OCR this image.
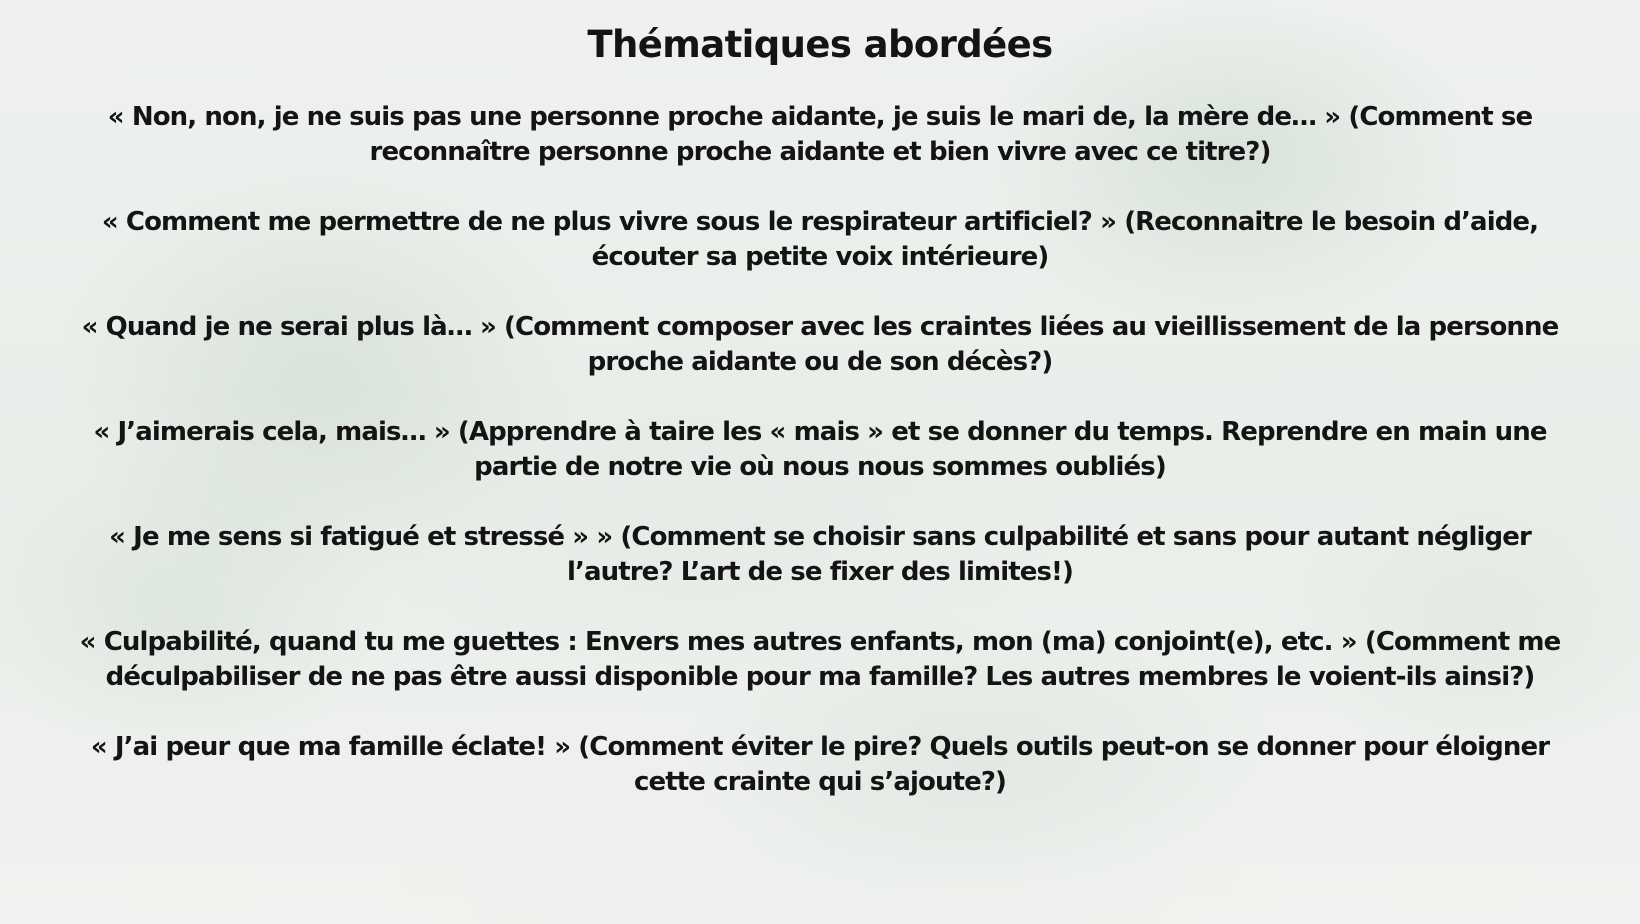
Thématiques abordées
« Non, non, je ne suis pas une personne proche aidante, je suis le mari de, la mère de… » (Comment se
reconnaître personne proche aidante et bien vivre avec ce titre?)
« Comment me permettre de ne plus vivre sous le respirateur artificiel? » (Reconnaitre le besoin d’aide,
écouter sa petite voix intérieure)
« Quand je ne serai plus là… » (Comment composer avec les craintes liées au vieillissement de la personne
proche aidante ou de son décès?)
« J’aimerais cela, mais… » (Apprendre à taire les « mais » et se donner du temps. Reprendre en main une
partie de notre vie où nous nous sommes oubliés)
« Je me sens si fatigué et stressé » » (Comment se choisir sans culpabilité et sans pour autant négliger
l’autre? L’art de se fixer des limites!)
« Culpabilité, quand tu me guettes : Envers mes autres enfants, mon (ma) conjoint(e), etc. » (Comment me
déculpabiliser de ne pas être aussi disponible pour ma famille? Les autres membres le voient-ils ainsi?)
« J’ai peur que ma famille éclate! » (Comment éviter le pire? Quels outils peut-on se donner pour éloigner
cette crainte qui s’ajoute?)
